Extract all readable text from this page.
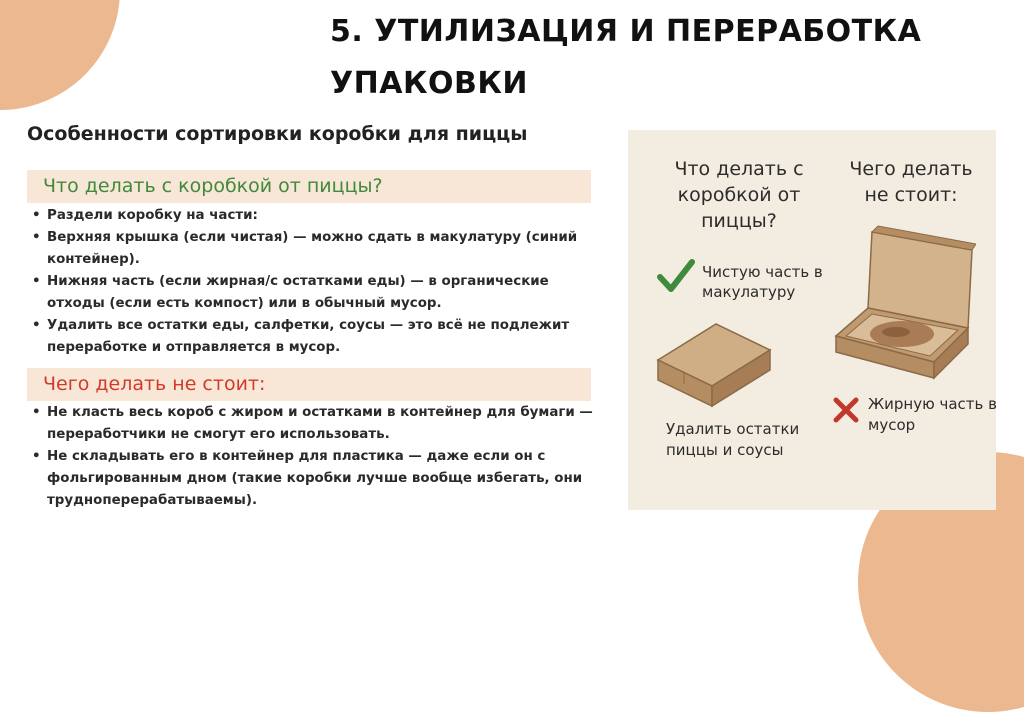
5. УТИЛИЗАЦИЯ И ПЕРЕРАБОТКА
УПАКОВКИ
Особенности сортировки коробки для пиццы
Что делать с коробкой от пиццы?
• Раздели коробку на части:
• Верхняя крышка (если чистая) — можно сдать в макулатуру (синий контейнер).
• Нижняя часть (если жирная/с остатками еды) — в органические отходы (если есть компост) или в обычный мусор.
• Удалить все остатки еды, салфетки, соусы — это всё не подлежит переработке и отправляется в мусор.
Чего делать не стоит:
• Не класть весь короб с жиром и остатками в контейнер для бумаги — переработчики не смогут его использовать.
• Не складывать его в контейнер для пластика — даже если он с фольгированным дном (такие коробки лучше вообще избегать, они трудноперерабатываемы).
Что делать с коробкой от пиццы?
Чего делать не стоит:
Чистую часть в макулатуру
Удалить остатки пиццы и соусы
Жирную часть в мусор
